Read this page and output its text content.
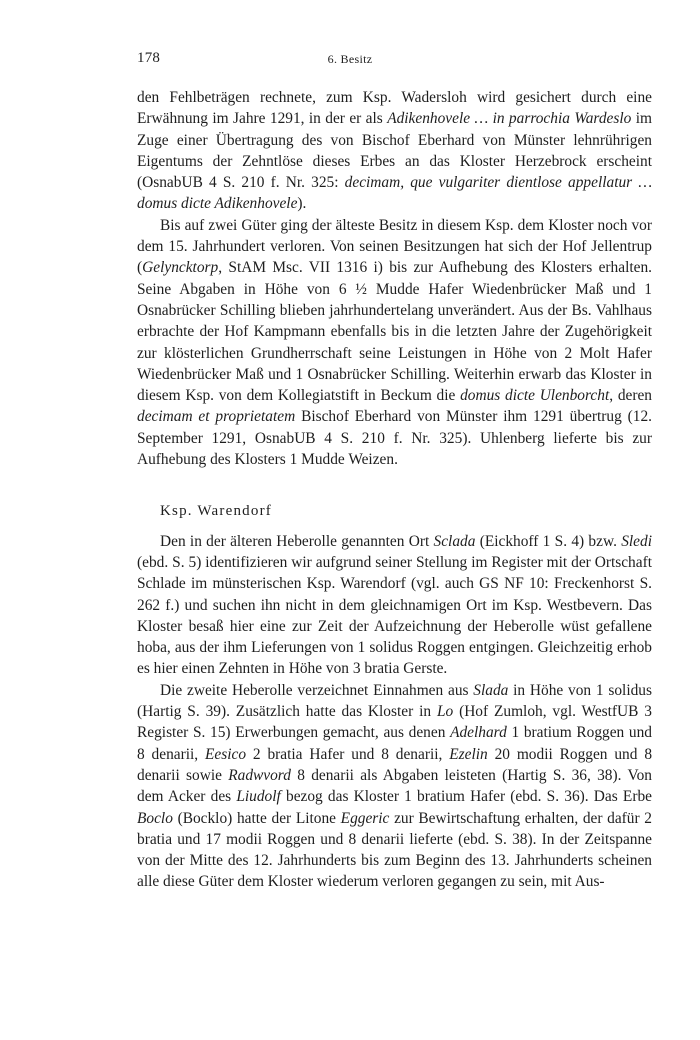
178	6. Besitz

den Fehlbeträgen rechnete, zum Ksp. Wadersloh wird gesichert durch eine Erwähnung im Jahre 1291, in der er als Adikenhovele … in parrochia Wardeslo im Zuge einer Übertragung des von Bischof Eberhard von Münster lehnrührigen Eigentums der Zehntlöse dieses Erbes an das Kloster Herzebrock erscheint (OsnabUB 4 S. 210 f. Nr. 325: decimam, que vulgariter dientlose appellatur … domus dicte Adikenhovele).

Bis auf zwei Güter ging der älteste Besitz in diesem Ksp. dem Kloster noch vor dem 15. Jahrhundert verloren. Von seinen Besitzungen hat sich der Hof Jellentrup (Gelyncktorp, StAM Msc. VII 1316 i) bis zur Aufhebung des Klosters erhalten. Seine Abgaben in Höhe von 6 ½ Mudde Hafer Wiedenbrücker Maß und 1 Osnabrücker Schilling blieben jahrhundertelang unverändert. Aus der Bs. Vahlhaus erbrachte der Hof Kampmann ebenfalls bis in die letzten Jahre der Zugehörigkeit zur klösterlichen Grundherrschaft seine Leistungen in Höhe von 2 Molt Hafer Wiedenbrücker Maß und 1 Osnabrücker Schilling. Weiterhin erwarb das Kloster in diesem Ksp. von dem Kollegiatstift in Beckum die domus dicte Ulenborcht, deren decimam et proprietatem Bischof Eberhard von Münster ihm 1291 übertrug (12. September 1291, OsnabUB 4 S. 210 f. Nr. 325). Uhlenberg lieferte bis zur Aufhebung des Klosters 1 Mudde Weizen.

Ksp. Warendorf

Den in der älteren Heberolle genannten Ort Sclada (Eickhoff 1 S. 4) bzw. Sledi (ebd. S. 5) identifizieren wir aufgrund seiner Stellung im Register mit der Ortschaft Schlade im münsterischen Ksp. Warendorf (vgl. auch GS NF 10: Freckenhorst S. 262 f.) und suchen ihn nicht in dem gleichnamigen Ort im Ksp. Westbevern. Das Kloster besaß hier eine zur Zeit der Aufzeichnung der Heberolle wüst gefallene hoba, aus der ihm Lieferungen von 1 solidus Roggen entgingen. Gleichzeitig erhob es hier einen Zehnten in Höhe von 3 bratia Gerste.

Die zweite Heberolle verzeichnet Einnahmen aus Slada in Höhe von 1 solidus (Hartig S. 39). Zusätzlich hatte das Kloster in Lo (Hof Zumloh, vgl. WestfUB 3 Register S. 15) Erwerbungen gemacht, aus denen Adelhard 1 bratium Roggen und 8 denarii, Eesico 2 bratia Hafer und 8 denarii, Ezelin 20 modii Roggen und 8 denarii sowie Radwvord 8 denarii als Abgaben leisteten (Hartig S. 36, 38). Von dem Acker des Liudolf bezog das Kloster 1 bratium Hafer (ebd. S. 36). Das Erbe Boclo (Bocklo) hatte der Litone Eggeric zur Bewirtschaftung erhalten, der dafür 2 bratia und 17 modii Roggen und 8 denarii lieferte (ebd. S. 38). In der Zeitspanne von der Mitte des 12. Jahrhunderts bis zum Beginn des 13. Jahrhunderts scheinen alle diese Güter dem Kloster wiederum verloren gegangen zu sein, mit Aus-
